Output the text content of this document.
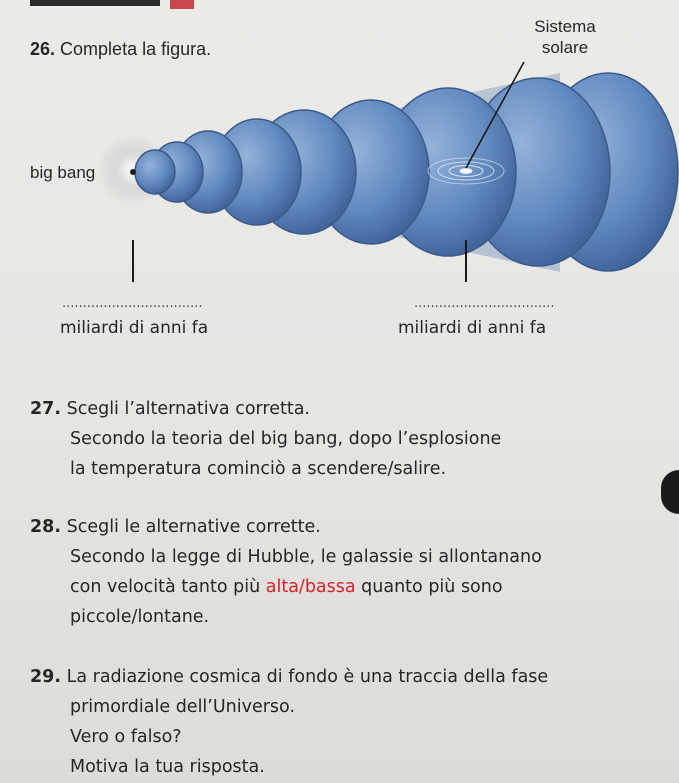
26. Completa la figura.
Sistema
solare
big bang
..................................	..................................
miliardi di anni fa	miliardi di anni fa
27. Scegli l’alternativa corretta.
Secondo la teoria del big bang, dopo l’esplosione
la temperatura cominciò a scendere/salire.
28. Scegli le alternative corrette.
Secondo la legge di Hubble, le galassie si allontanano
con velocità tanto più alta/bassa quanto più sono
piccole/lontane.
29. La radiazione cosmica di fondo è una traccia della fase
primordiale dell’Universo.
Vero o falso?
Motiva la tua risposta.
